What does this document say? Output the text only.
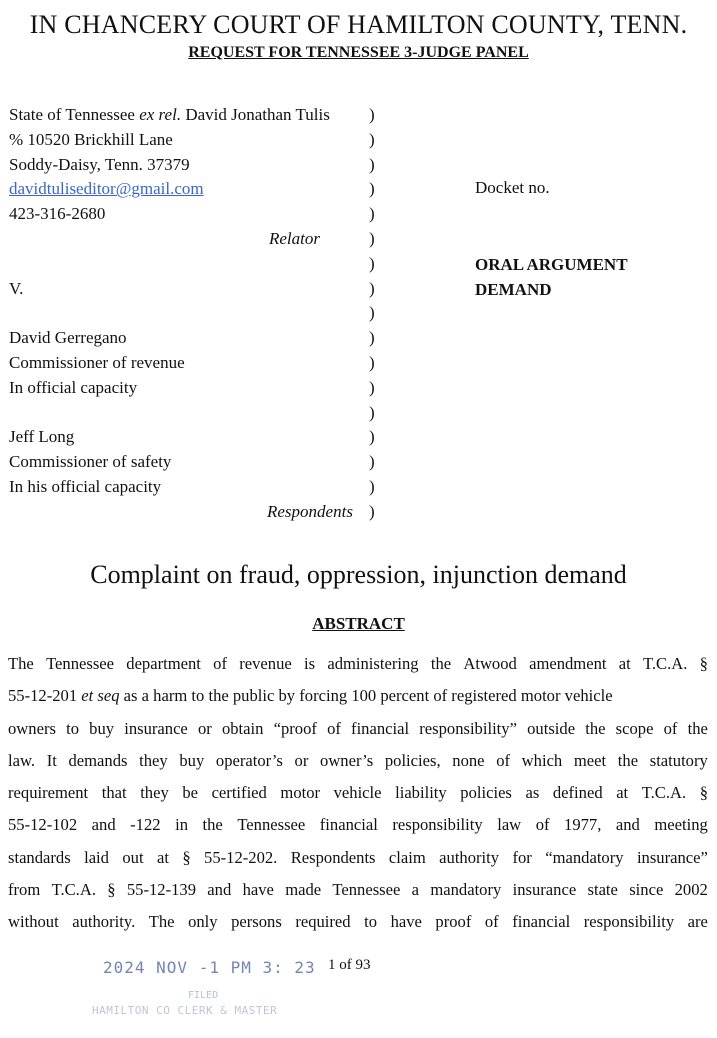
IN CHANCERY COURT OF HAMILTON COUNTY, TENN.
REQUEST FOR TENNESSEE 3-JUDGE PANEL
State of Tennessee ex rel. David Jonathan Tulis
% 10520 Brickhill Lane
Soddy-Daisy, Tenn. 37379
davidtuliseditor@gmail.com
423-316-2680
Relator
V.
David Gerregano
Commissioner of revenue
In official capacity
Jeff Long
Commissioner of safety
In his official capacity
Respondents
)
)
)
)
)
)
)
)
)
)
)
)
)
)
)
)
)
Docket no.
ORAL ARGUMENT
DEMAND
Complaint on fraud, oppression, injunction demand
ABSTRACT
The Tennessee department of revenue is administering the Atwood amendment at T.C.A. §
55-12-201 et seq as a harm to the public by forcing 100 percent of registered motor vehicle
owners to buy insurance or obtain “proof of financial responsibility” outside the scope of the
law. It demands they buy operator’s or owner’s policies, none of which meet the statutory
requirement that they be certified motor vehicle liability policies as defined at T.C.A. §
55-12-102 and -122 in the Tennessee financial responsibility law of 1977, and meeting
standards laid out at § 55-12-202. Respondents claim authority for “mandatory insurance”
from T.C.A. § 55-12-139 and have made Tennessee a mandatory insurance state since 2002
without authority. The only persons required to have proof of financial responsibility are
1 of 93
2024 NOV -1 PM 3: 23
FILED
HAMILTON CO CLERK & MASTER
